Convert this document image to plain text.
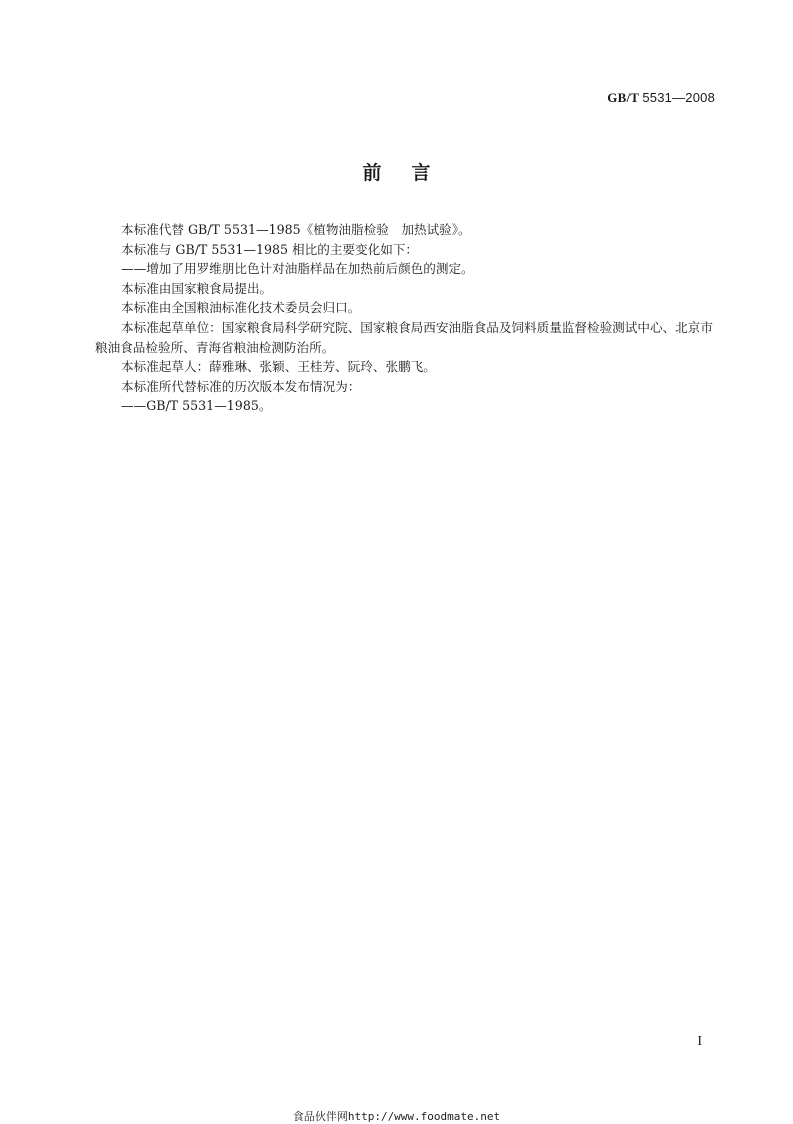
GB/T 5531—2008
前言

本标准代替 GB/T 5531—1985《植物油脂检验　加热试验》。

本标准与 GB/T 5531—1985 相比的主要变化如下：

——增加了用罗维朋比色计对油脂样品在加热前后颜色的测定。

本标准由国家粮食局提出。

本标准由全国粮油标准化技术委员会归口。

本标准起草单位：国家粮食局科学研究院、国家粮食局西安油脂食品及饲料质量监督检验测试中心、北京市粮油食品检验所、青海省粮油检测防治所。

本标准起草人：薛雅琳、张颖、王桂芳、阮玲、张鹏飞。

本标准所代替标准的历次版本发布情况为：

——GB/T 5531—1985。

I
食品伙伴网http://www.foodmate.net
